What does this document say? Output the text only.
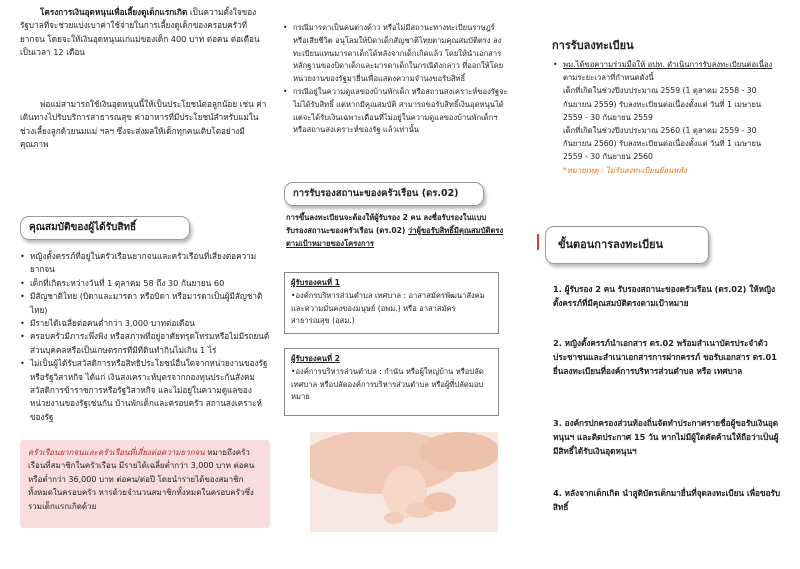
โครงการเงินอุดหนุนเพื่อเลี้ยงดูเด็กแรกเกิด เป็นความตั้งใจของรัฐบาลที่จะช่วยแบ่งเบาค่าใช้จ่ายในการเลี้ยงดูเด็กของครอบครัวที่ยากจน โดยจะให้เงินอุดหนุนแก่แม่ของเด็ก 400 บาท ต่อคน ต่อเดือน เป็นเวลา 12 เดือน

พ่อแม่สามารถใช้เงินอุดหนุนนี้ให้เป็นประโยชน์ต่อลูกน้อย เช่น ค่าเดินทางไปรับบริการสาธารณสุข ค่าอาหารที่มีประโยชน์สำหรับแม่ในช่วงเลี้ยงลูกด้วยนมแม่ ฯลฯ ซึ่งจะส่งผลให้เด็กทุกคนเติบโตอย่างมีคุณภาพ

คุณสมบัติของผู้ได้รับสิทธิ์
• หญิงตั้งครรภ์ที่อยู่ในครัวเรือนยากจนและครัวเรือนที่เสี่ยงต่อความยากจน
• เด็กที่เกิดระหว่างวันที่ 1 ตุลาคม 58 ถึง 30 กันยายน 60
• มีสัญชาติไทย (บิดาและมารดา หรือบิดา หรือมารดาเป็นผู้มีสัญชาติไทย)
• มีรายได้เฉลี่ยต่อคนต่ำกว่า 3,000 บาทต่อเดือน
• ครอบครัวมีภาระพึ่งพิง หรือสภาพที่อยู่อาศัยทรุดโทรมหรือไม่มีรถยนต์ส่วนบุคคลหรือเป็นเกษตรกรที่มีที่ดินทำกินไม่เกิน 1 ไร่
• ไม่เป็นผู้ได้รับสวัสดิการหรือสิทธิประโยชน์อื่นใดจากหน่วยงานของรัฐหรือรัฐวิสาหกิจ ได้แก่ เงินสงเคราะห์บุตรจากกองทุนประกันสังคม สวัสดิการข้าราชการหรือรัฐวิสาหกิจ และไม่อยู่ในความดูแลของหน่วยงานของรัฐเช่นกัน บ้านพักเด็กและครอบครัว สถานสงเคราะห์ของรัฐ
ครัวเรือนยากจนและครัวเรือนที่เสี่ยงต่อความยากจน หมายถึงครัวเรือนที่สมาชิกในครัวเรือน มีรายได้เฉลี่ยต่ำกว่า 3,000 บาท ต่อคน หรือต่ำกว่า 36,000 บาท ต่อคน/ต่อปี โดยนำรายได้ของสมาชิกทั้งหมดในครอบครัว หารด้วยจำนวนสมาชิกทั้งหมดในครอบครัวซึ่งรวมเด็กแรกเกิดด้วย
• กรณีมารดาเป็นคนต่างด้าว หรือไม่มีสถานะทางทะเบียนราษฎร์ หรือเสียชีวิต อนุโลมให้บิดาเด็กสัญชาติไทยตามคุณสมบัติตรง ลงทะเบียนแทนมารดาเด็กได้หลังจากเด็กเกิดแล้ว โดยให้นำเอกสารหลักฐานของบิดาเด็กและมารดาเด็กในกรณีดังกล่าว ที่ออกให้โดยหน่วยงานของรัฐมายื่นเพื่อแสดงความจำนงขอรับสิทธิ์
• กรณีอยู่ในความดูแลของบ้านพักเด็ก หรือสถานสงเคราะห์ของรัฐจะไม่ได้รับสิทธิ์ แต่หากมีคุณสมบัติ สามารถขอรับสิทธิ์เงินอุดหนุนได้แต่จะได้รับเงินเฉพาะเดือนที่ไม่อยู่ในความดูแลของบ้านพักเด็กฯ หรือสถานสงเคราะห์ของรัฐ แล้วเท่านั้น
การรับรองสถานะของครัวเรือน (ดร.02)
การขึ้นลงทะเบียนจะต้องให้ผู้รับรอง 2 คน ลงชื่อรับรองในแบบรับรองสถานะของครัวเรือน (ดร.02) ว่าผู้ขอรับสิทธิ์มีคุณสมบัติตรงตามเป้าหมายของโครงการ
ผู้รับรองคนที่ 1
•องค์กรบริหารส่วนตำบล เทศบาล : อาสาสมัครพัฒนาสังคมและความมั่นคงของมนุษย์ (อพม.) หรือ อาสาสมัครสาธารณสุข (อสม.)
ผู้รับรองคนที่ 2
•องค์การบริหารส่วนตำบล : กำนัน หรือผู้ใหญ่บ้าน หรือปลัดเทศบาล หรือปลัดองค์การบริหารส่วนตำบล หรือผู้ที่ปลัดมอบหมาย
การรับลงทะเบียน
• พม.ได้ขอความร่วมมือให้ อปท. ดำเนินการรับลงทะเบียนต่อเนื่อง ตามระยะเวลาที่กำหนดดังนี้
เด็กที่เกิดในช่วงปีงบประมาณ 2559 (1 ตุลาคม 2558 - 30 กันยายน 2559) รับลงทะเบียนต่อเนื่องตั้งแต่ วันที่ 1 เมษายน 2559 - 30 กันยายน 2559
เด็กที่เกิดในช่วงปีงบประมาณ 2560 (1 ตุลาคม 2559 - 30 กันยายน 2560) รับลงทะเบียนต่อเนื่องตั้งแต่ วันที่ 1 เมษายน 2559 - 30 กันยายน 2560
*หมายเหตุ : ไม่รับลงทะเบียนย้อนหลัง
ขั้นตอนการลงทะเบียน
1. ผู้รับรอง 2 คน รับรองสถานะของครัวเรือน (ดร.02) ให้หญิงตั้งครรภ์ที่มีคุณสมบัติตรงตามเป้าหมาย
2. หญิงตั้งครรภ์นำเอกสาร ดร.02 พร้อมสำเนาบัตรประจำตัวประชาชนและสำเนาเอกสารการฝากครรภ์ ขอรับเอกสาร ดร.01 ยื่นลงทะเบียนที่องค์การบริหารส่วนตำบล หรือ เทศบาล
3. องค์กรปกครองส่วนท้องถิ่นจัดทำประกาศรายชื่อผู้ขอรับเงินอุดหนุนฯ และติดประกาศ 15 วัน หากไม่มีผู้ใดคัดค้านให้ถือว่าเป็นผู้มีสิทธิ์ได้รับเงินอุดหนุนฯ
4. หลังจากเด็กเกิด นำสูติบัตรเด็กมายื่นที่จุดลงทะเบียน เพื่อขอรับสิทธิ์
